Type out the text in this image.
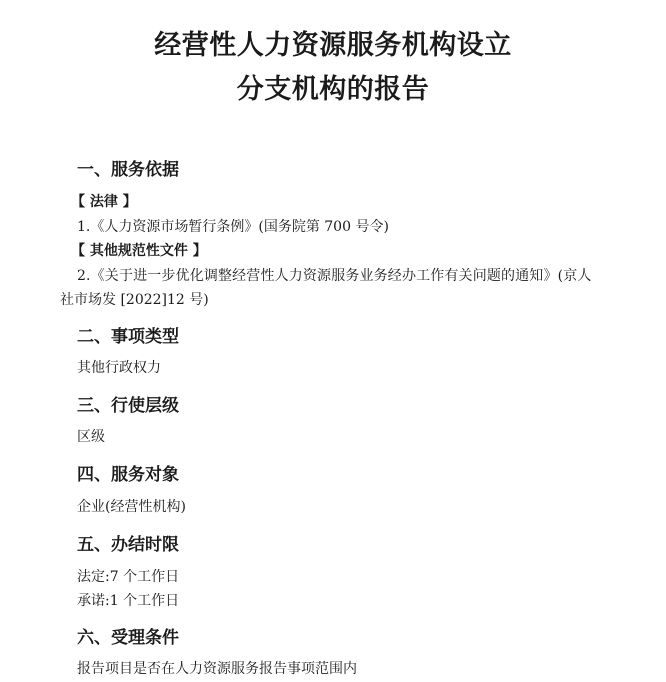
经营性人力资源服务机构设立
分支机构的报告
一、服务依据
【 法律 】
1.《人力资源市场暂行条例》(国务院第 700 号令)
【 其他规范性文件 】
2.《关于进一步优化调整经营性人力资源服务业务经办工作有关问题的通知》(京人
社市场发 [2022]12 号)
二、事项类型
其他行政权力
三、行使层级
区级
四、服务对象
企业(经营性机构)
五、办结时限
法定:7 个工作日
承诺:1 个工作日
六、受理条件
报告项目是否在人力资源服务报告事项范围内
